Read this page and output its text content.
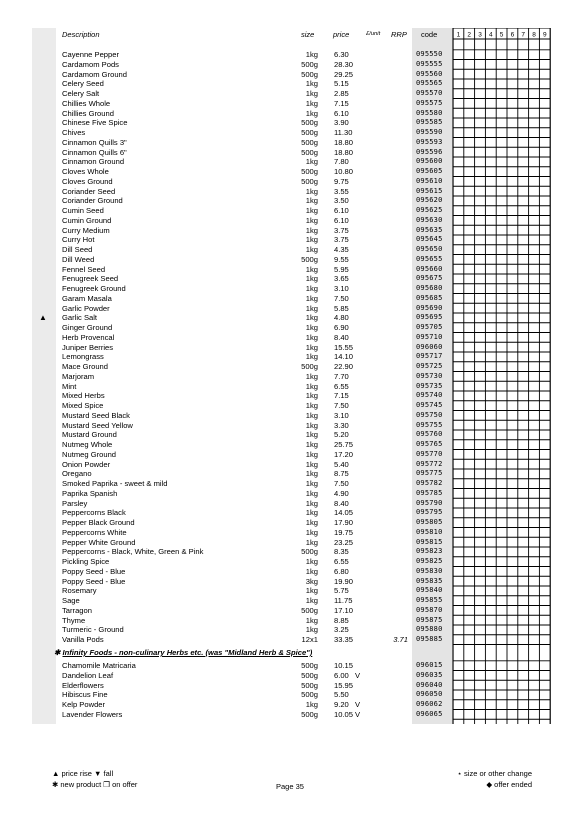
Description	size price	£/unit RRP code
Cayenne Pepper	1kg 6.30	095550
Cardamom Pods	500g 28.30	095555
Cardamom Ground	500g 29.25	095560
Celery Seed	1kg 5.15	095565
Celery Salt	1kg 2.85	095570
Chillies Whole	1kg 7.15	095575
Chillies Ground	1kg 6.10	095580
Chinese Five Spice	500g 3.90	095585
Chives	500g 11.30	095590
Cinnamon Quills 3"	500g 18.80	095593
Cinnamon Quills 6"	500g 18.80	095596
Cinnamon Ground	1kg 7.80	095600
Cloves Whole	500g 10.80	095605
Cloves Ground	500g 9.75	095610
Coriander Seed	1kg 3.55	095615
Coriander Ground	1kg 3.50	095620
Cumin Seed	1kg 6.10	095625
Cumin Ground	1kg 6.10	095630
Curry Medium	1kg 3.75	095635
Curry Hot	1kg 3.75	095645
Dill Seed	1kg 4.35	095650
Dill Weed	500g 9.55	095655
Fennel Seed	1kg 5.95	095660
Fenugreek Seed	1kg 3.65	095675
Fenugreek Ground	1kg 3.10	095680
Garam Masala	1kg 7.50	095685
Garlic Powder	1kg 5.85	095690
Garlic Salt	1kg 4.80	095695
▲
Ginger Ground	1kg 6.90	095705
Herb Provencal	1kg 8.40	095710
Juniper Berries	1kg 15.55	096060
Lemongrass	1kg 14.10	095717
Mace Ground	500g 22.90	095725
Marjoram	1kg 7.70	095730
Mint	1kg 6.55	095735
Mixed Herbs	1kg 7.15	095740
Mixed Spice	1kg 7.50	095745
Mustard Seed Black	1kg 3.10	095750
Mustard Seed Yellow	1kg 3.30	095755
Mustard Ground	1kg 5.20	095760
Nutmeg Whole	1kg 25.75	095765
Nutmeg Ground	1kg 17.20	095770
Onion Powder	1kg 5.40	095772
Oregano	1kg 8.75	095775
Smoked Paprika - sweet & mild	1kg 7.50	095782
Paprika Spanish	1kg 4.90	095785
Parsley	1kg 8.40	095790
Peppercorns Black	1kg 14.05	095795
Pepper Black Ground	1kg 17.90	095805
Peppercorns White	1kg 19.75	095810
Pepper White Ground	1kg 23.25	095815
Peppercorns - Black, White, Green & Pink	500g 8.35	095823
Pickling Spice	1kg 6.55	095825
Poppy Seed - Blue	1kg 6.80	095830
Poppy Seed - Blue	3kg 19.90	095835
Rosemary	1kg 5.75	095840
Sage	1kg 11.75	095855
Tarragon	500g 17.10	095870
Thyme	1kg 8.85	095875
Turmeric - Ground	1kg 3.25	095880
Vanilla Pods	12x1 33.35	3.71 095885
✱ Infinity Foods - non-culinary Herbs etc. (was "Midland Herb & Spice")
Chamomile Matricaria	500g 10.15	096015
Dandelion Leaf	500g 6.00 V	096035
Elderflowers	500g 15.95	096040
Hibiscus Fine	500g 5.50	096050
Kelp Powder	1kg 9.20 V	096062
Lavender Flowers	500g 10.05 V	096065
1 2 3 4 5 6 7 8 9
▲ price rise ▼ fall
✱ new product ❒ on offer	Page 35
⋆ size or other change
◆ offer ended
